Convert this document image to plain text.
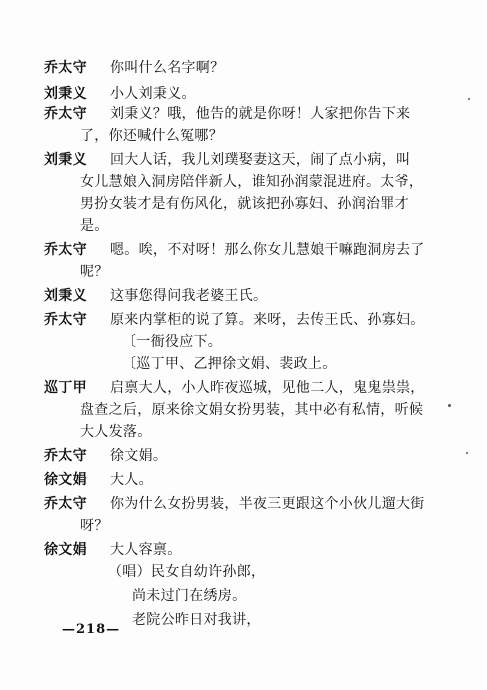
乔太守 你叫什么名字啊？
刘秉义 小人刘秉义。
乔太守 刘秉义？哦，他告的就是你呀！人家把你告下来
了，你还喊什么冤哪？
刘秉义 回大人话，我儿刘璞娶妻这天，闹了点小病，叫
女儿慧娘入洞房陪伴新人，谁知孙润蒙混进府。太爷，
男扮女装才是有伤风化，就该把孙寡妇、孙润治罪才
是。
乔太守 嗯。唉，不对呀！那么你女儿慧娘干嘛跑洞房去了
呢？
刘秉义 这事您得问我老婆王氏。
乔太守 原来内掌柜的说了算。来呀，去传王氏、孙寡妇。
〔一衙役应下。
〔巡丁甲、乙押徐文娟、裴政上。
巡丁甲 启禀大人，小人昨夜巡城，见他二人，鬼鬼祟祟，
盘查之后，原来徐文娟女扮男装，其中必有私情，听候
大人发落。
乔太守 徐文娟。
徐文娟 大人。
乔太守 你为什么女扮男装，半夜三更跟这个小伙儿遛大街
呀？
徐文娟 大人容禀。
（唱）民女自幼许孙郎，
尚未过门在绣房。
老院公昨日对我讲，
—218—
